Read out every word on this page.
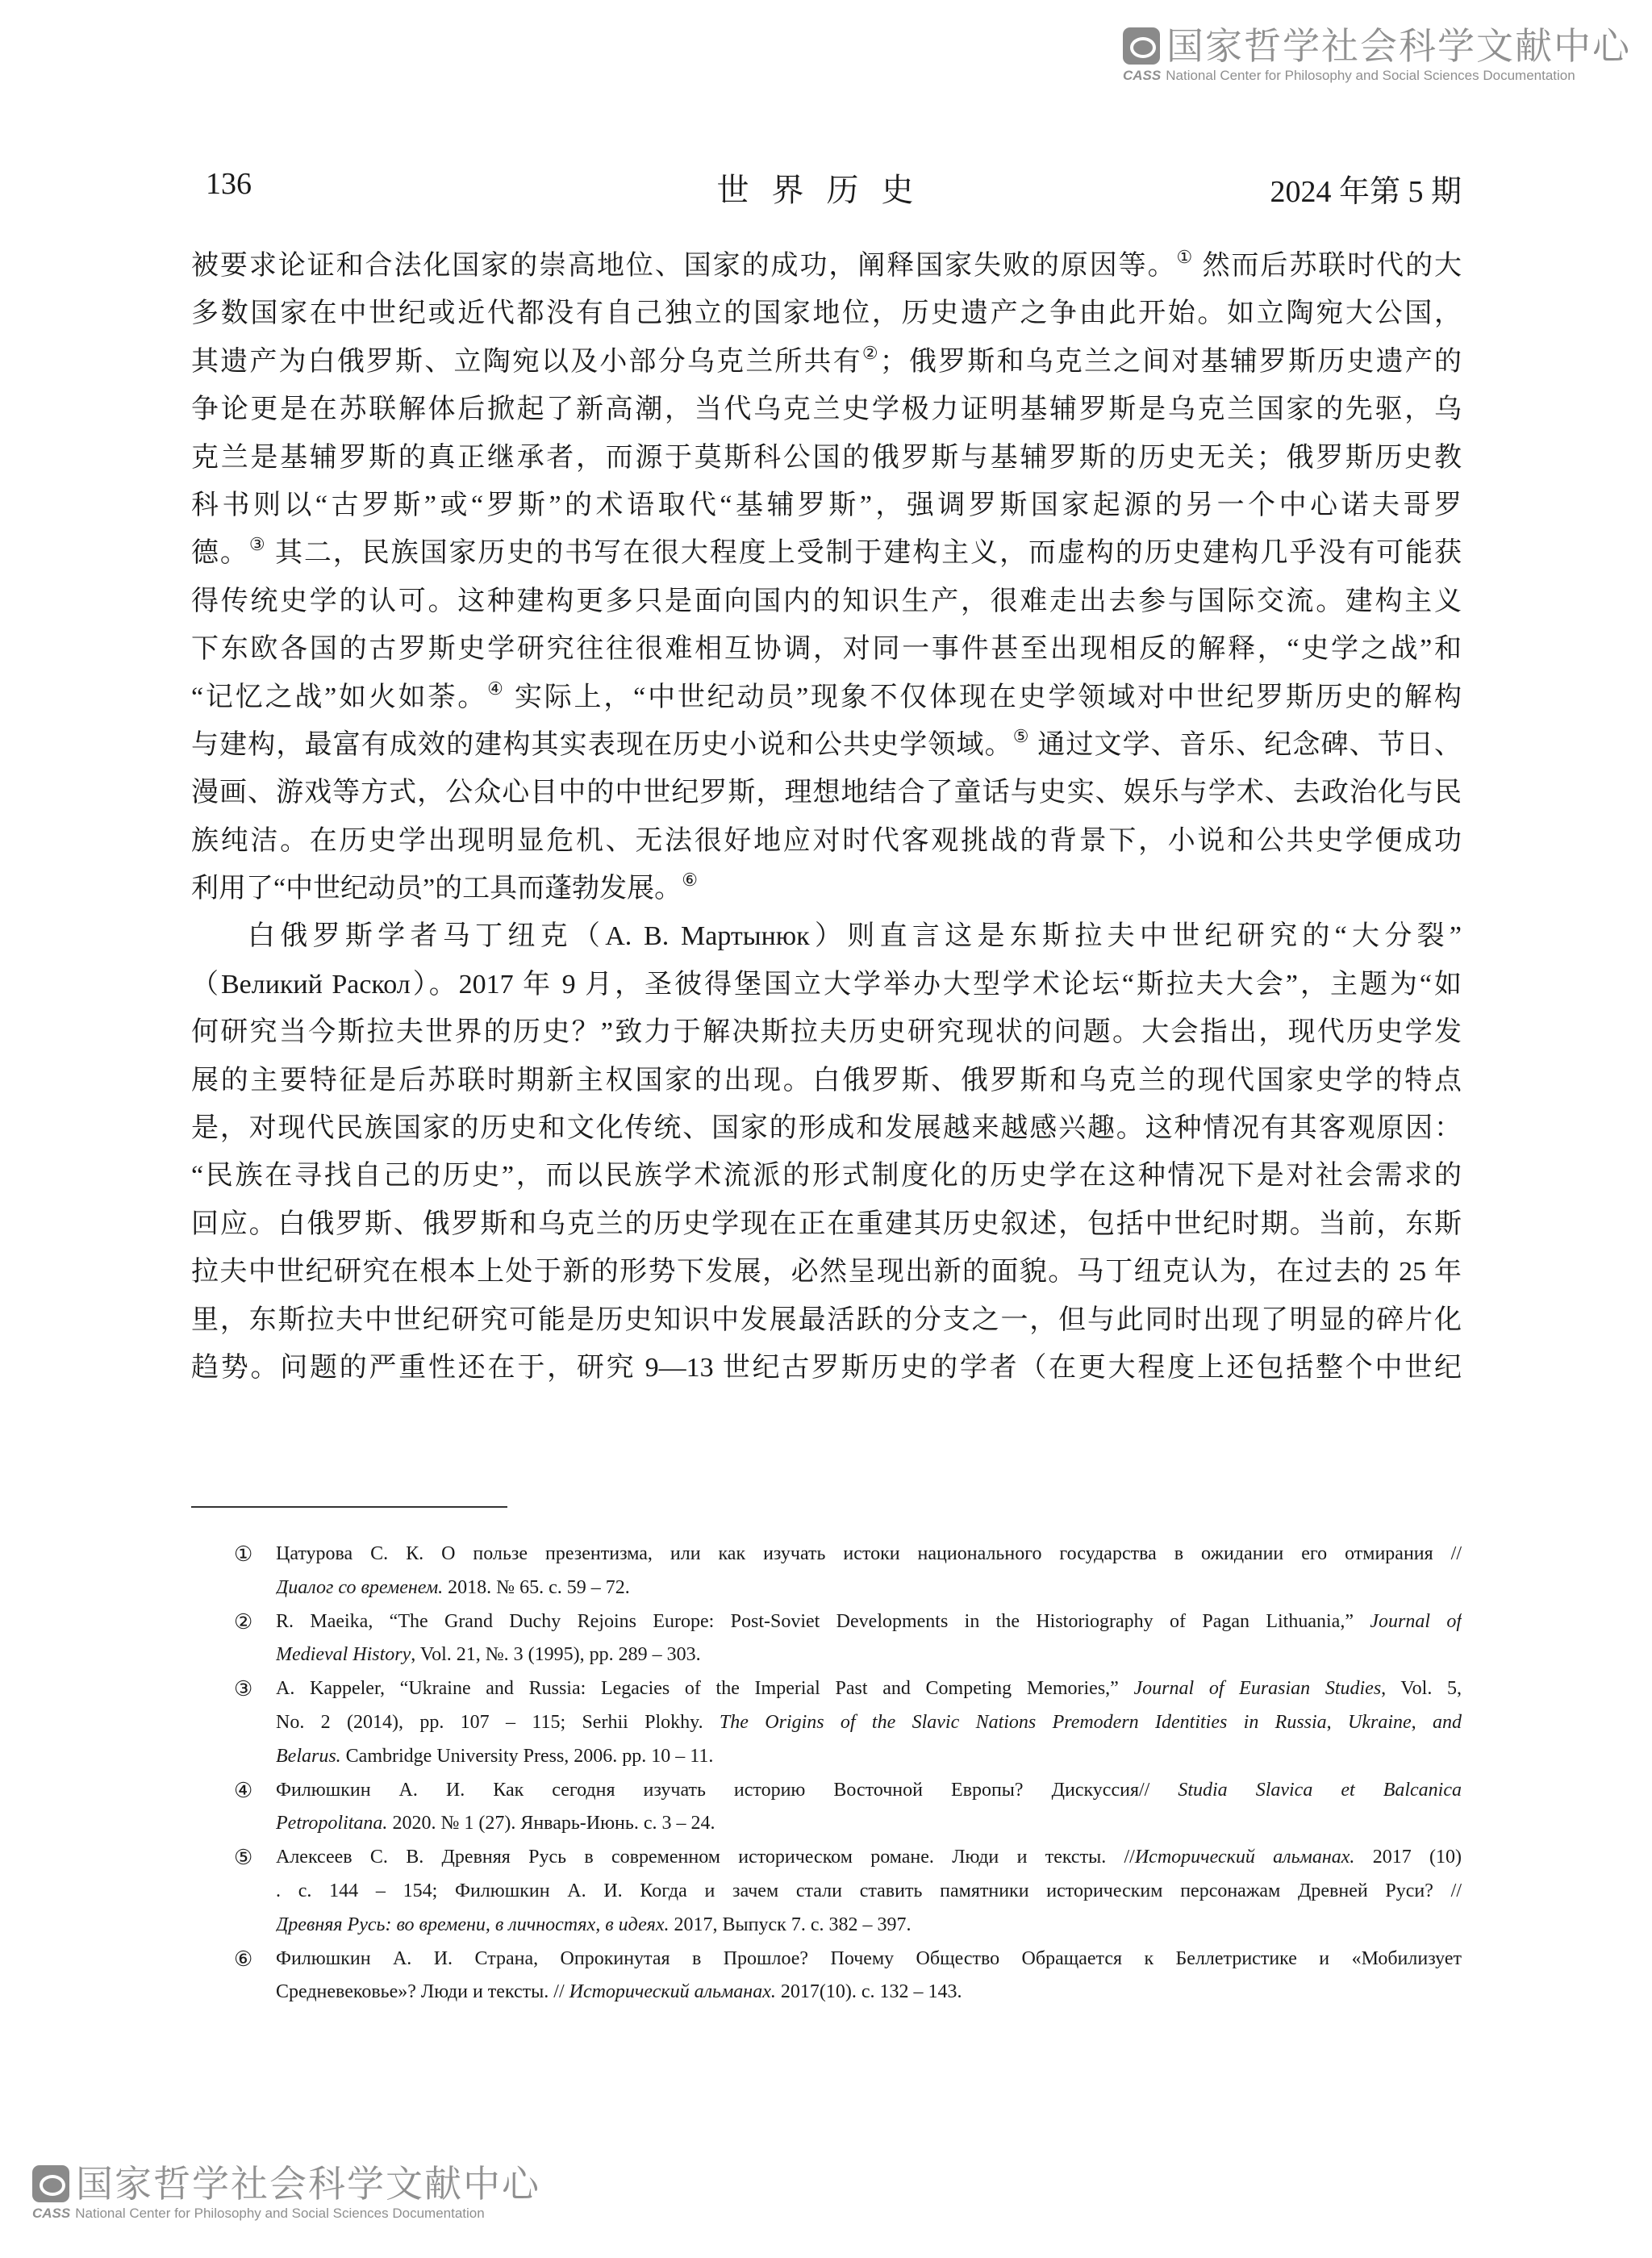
国家哲学社会科学文献中心
CASS National Center for Philosophy and Social Sciences Documentation
136	世界历史	2024 年第 5 期
被要求论证和合法化国家的崇高地位、国家的成功，阐释国家失败的原因等。① 然而后苏联时代的大
多数国家在中世纪或近代都没有自己独立的国家地位，历史遗产之争由此开始。如立陶宛大公国，
其遗产为白俄罗斯、立陶宛以及小部分乌克兰所共有②；俄罗斯和乌克兰之间对基辅罗斯历史遗产的
争论更是在苏联解体后掀起了新高潮，当代乌克兰史学极力证明基辅罗斯是乌克兰国家的先驱，乌
克兰是基辅罗斯的真正继承者，而源于莫斯科公国的俄罗斯与基辅罗斯的历史无关；俄罗斯历史教
科书则以“古罗斯”或“罗斯”的术语取代“基辅罗斯”，强调罗斯国家起源的另一个中心诺夫哥罗
德。③ 其二，民族国家历史的书写在很大程度上受制于建构主义，而虚构的历史建构几乎没有可能获
得传统史学的认可。这种建构更多只是面向国内的知识生产，很难走出去参与国际交流。建构主义
下东欧各国的古罗斯史学研究往往很难相互协调，对同一事件甚至出现相反的解释，“史学之战”和
“记忆之战”如火如荼。④ 实际上，“中世纪动员”现象不仅体现在史学领域对中世纪罗斯历史的解构
与建构，最富有成效的建构其实表现在历史小说和公共史学领域。⑤ 通过文学、音乐、纪念碑、节日、
漫画、游戏等方式，公众心目中的中世纪罗斯，理想地结合了童话与史实、娱乐与学术、去政治化与民
族纯洁。在历史学出现明显危机、无法很好地应对时代客观挑战的背景下，小说和公共史学便成功
利用了“中世纪动员”的工具而蓬勃发展。⑥
白俄罗斯学者马丁纽克（A. B. Мартынюк）则直言这是东斯拉夫中世纪研究的“大分裂”
（Великий Раскол）。2017 年 9 月，圣彼得堡国立大学举办大型学术论坛“斯拉夫大会”，主题为“如
何研究当今斯拉夫世界的历史？”致力于解决斯拉夫历史研究现状的问题。大会指出，现代历史学发
展的主要特征是后苏联时期新主权国家的出现。白俄罗斯、俄罗斯和乌克兰的现代国家史学的特点
是，对现代民族国家的历史和文化传统、国家的形成和发展越来越感兴趣。这种情况有其客观原因：
“民族在寻找自己的历史”，而以民族学术流派的形式制度化的历史学在这种情况下是对社会需求的
回应。白俄罗斯、俄罗斯和乌克兰的历史学现在正在重建其历史叙述，包括中世纪时期。当前，东斯
拉夫中世纪研究在根本上处于新的形势下发展，必然呈现出新的面貌。马丁纽克认为，在过去的 25 年
里，东斯拉夫中世纪研究可能是历史知识中发展最活跃的分支之一，但与此同时出现了明显的碎片化
趋势。问题的严重性还在于，研究 9—13 世纪古罗斯历史的学者（在更大程度上还包括整个中世纪
① Цатурова С. К. О пользе презентизма, или как изучать истоки национального государства в ожидании его отмирания //
Диалог со временем. 2018. № 65. с. 59 – 72.
② R. Maeika, “The Grand Duchy Rejoins Europe: Post-Soviet Developments in the Historiography of Pagan Lithuania,” Journal of
Medieval History, Vol. 21, №. 3 (1995), pp. 289 – 303.
③ A. Kappeler, “Ukraine and Russia: Legacies of the Imperial Past and Competing Memories,” Journal of Eurasian Studies, Vol. 5,
No. 2 (2014), pp. 107 – 115; Serhii Plokhy. The Origins of the Slavic Nations Premodern Identities in Russia, Ukraine, and
Belarus. Cambridge University Press, 2006. pp. 10 – 11.
④ Филюшкин А. И. Как сегодня изучать историю Восточной Европы? Дискуссия// Studia Slavica et Balcanica
Petropolitana. 2020. № 1 (27). Январь-Июнь. с. 3 – 24.
⑤ Алексеев С. В. Древняя Русь в современном историческом романе. Люди и тексты. //Исторический альманах. 2017 (10)
. с. 144 – 154; Филюшкин А. И. Когда и зачем стали ставить памятники историческим персонажам Древней Руси? //
Древняя Русь: во времени, в личностях, в идеях. 2017, Выпуск 7. с. 382 – 397.
⑥ Филюшкин А. И. Страна, Опрокинутая в Прошлое? Почему Общество Обращается к Беллетристике и «Мобилизует
Средневековье»? Люди и тексты. // Исторический альманах. 2017(10). с. 132 – 143.
国家哲学社会科学文献中心
CASS National Center for Philosophy and Social Sciences Documentation
